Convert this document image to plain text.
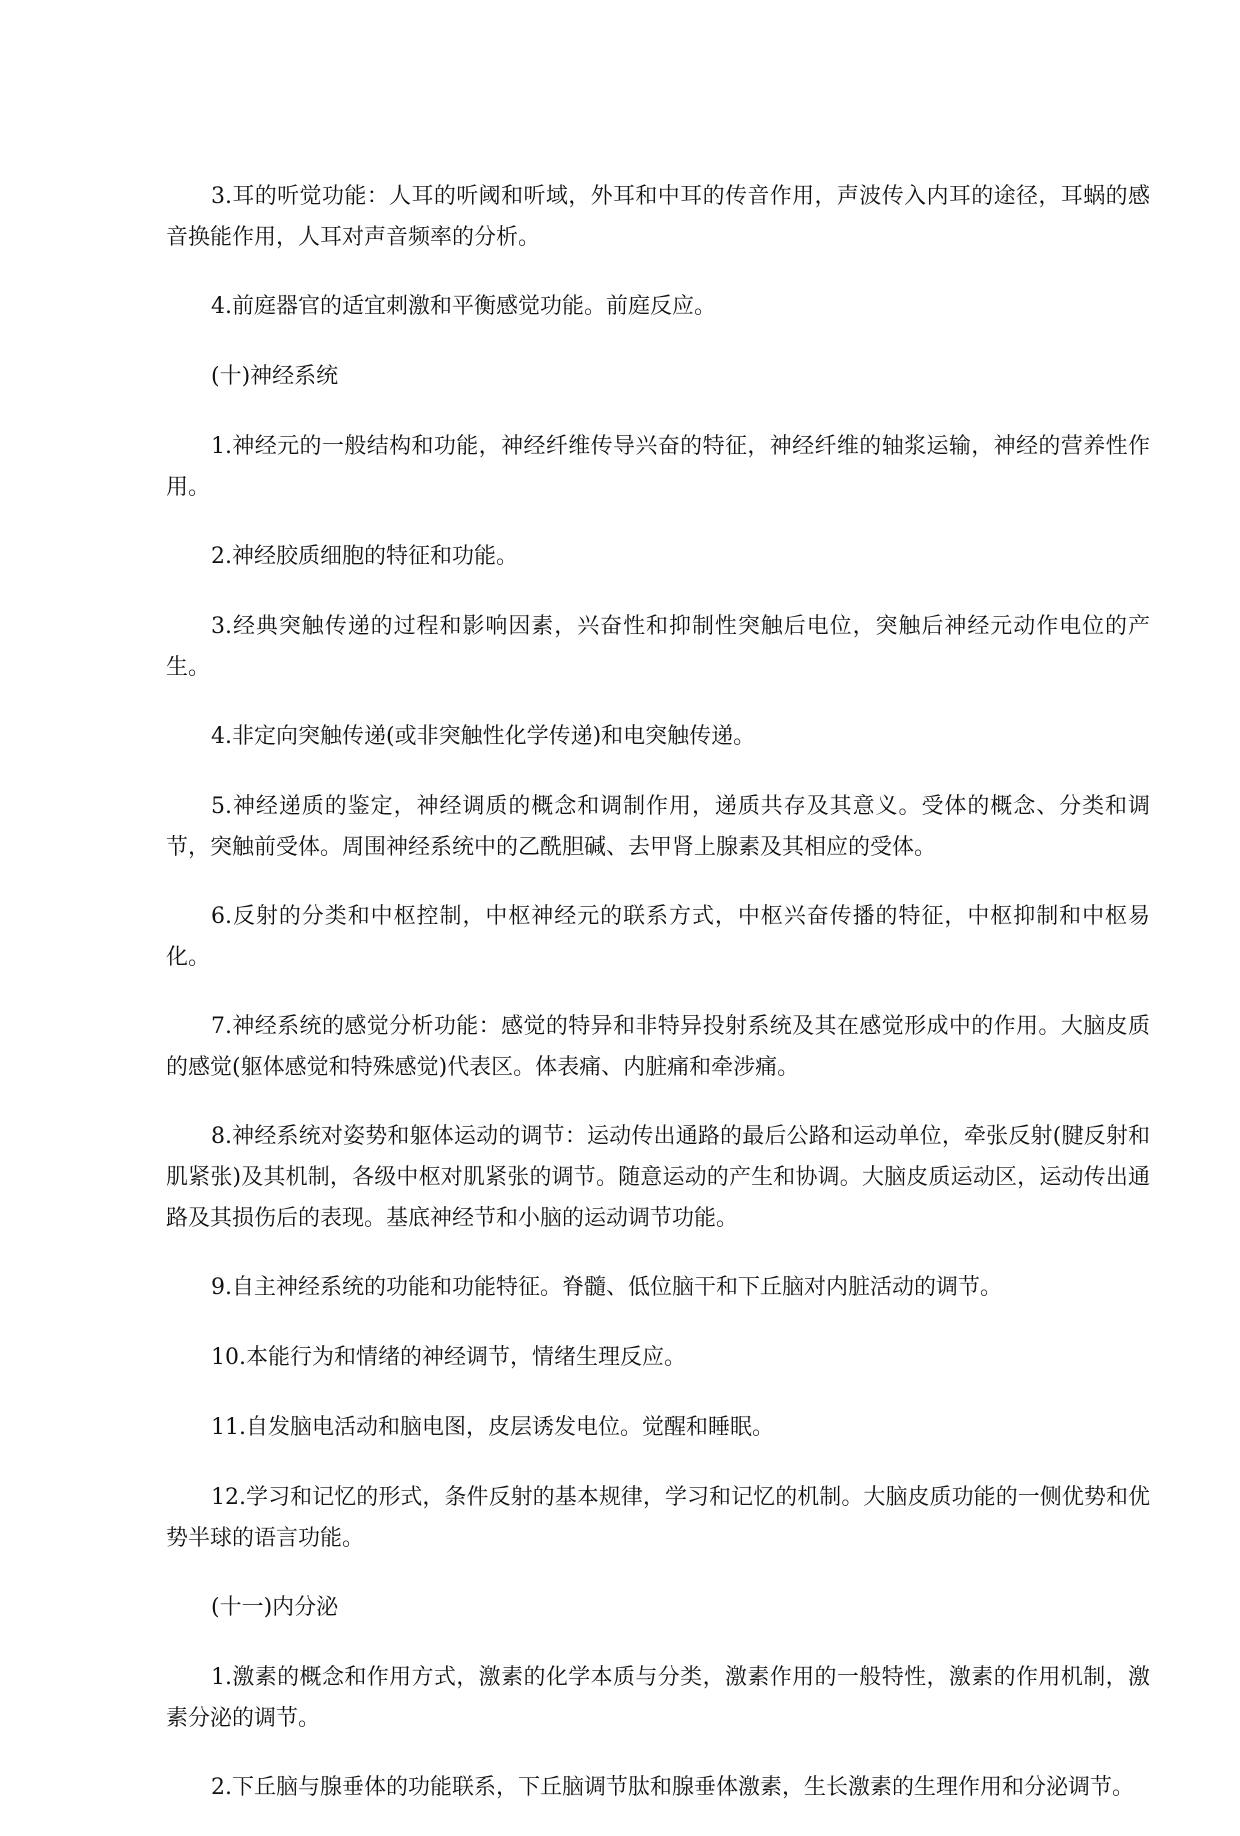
3.耳的听觉功能：人耳的听阈和听域，外耳和中耳的传音作用，声波传入内耳的途径，耳蜗的感音换能作用，人耳对声音频率的分析。

4.前庭器官的适宜刺激和平衡感觉功能。前庭反应。

(十)神经系统

1.神经元的一般结构和功能，神经纤维传导兴奋的特征，神经纤维的轴浆运输，神经的营养性作用。

2.神经胶质细胞的特征和功能。

3.经典突触传递的过程和影响因素，兴奋性和抑制性突触后电位，突触后神经元动作电位的产生。

4.非定向突触传递(或非突触性化学传递)和电突触传递。

5.神经递质的鉴定，神经调质的概念和调制作用，递质共存及其意义。受体的概念、分类和调节，突触前受体。周围神经系统中的乙酰胆碱、去甲肾上腺素及其相应的受体。

6.反射的分类和中枢控制，中枢神经元的联系方式，中枢兴奋传播的特征，中枢抑制和中枢易化。

7.神经系统的感觉分析功能：感觉的特异和非特异投射系统及其在感觉形成中的作用。大脑皮质的感觉(躯体感觉和特殊感觉)代表区。体表痛、内脏痛和牵涉痛。

8.神经系统对姿势和躯体运动的调节：运动传出通路的最后公路和运动单位，牵张反射(腱反射和肌紧张)及其机制，各级中枢对肌紧张的调节。随意运动的产生和协调。大脑皮质运动区，运动传出通路及其损伤后的表现。基底神经节和小脑的运动调节功能。

9.自主神经系统的功能和功能特征。脊髓、低位脑干和下丘脑对内脏活动的调节。

10.本能行为和情绪的神经调节，情绪生理反应。

11.自发脑电活动和脑电图，皮层诱发电位。觉醒和睡眠。

12.学习和记忆的形式，条件反射的基本规律，学习和记忆的机制。大脑皮质功能的一侧优势和优势半球的语言功能。

(十一)内分泌

1.激素的概念和作用方式，激素的化学本质与分类，激素作用的一般特性，激素的作用机制，激素分泌的调节。

2.下丘脑与腺垂体的功能联系，下丘脑调节肽和腺垂体激素，生长激素的生理作用和分泌调节。
